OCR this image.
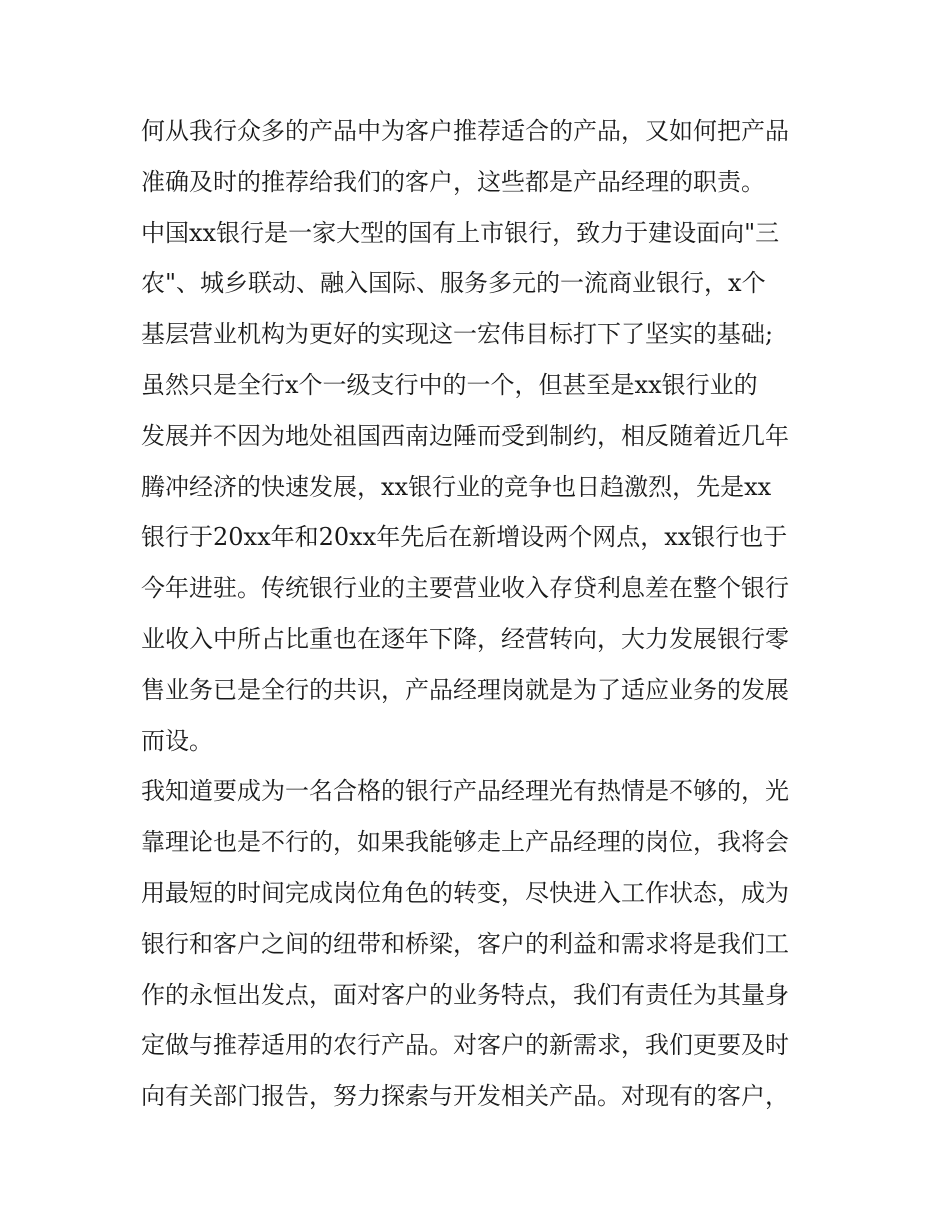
何从我行众多的产品中为客户推荐适合的产品，又如何把产品
准确及时的推荐给我们的客户，这些都是产品经理的职责。
中国xx银行是一家大型的国有上市银行，致力于建设面向"三
农"、城乡联动、融入国际、服务多元的一流商业银行，x个
基层营业机构为更好的实现这一宏伟目标打下了坚实的基础;
虽然只是全行x个一级支行中的一个，但甚至是xx银行业的
发展并不因为地处祖国西南边陲而受到制约，相反随着近几年
腾冲经济的快速发展，xx银行业的竞争也日趋激烈，先是xx
银行于20xx年和20xx年先后在新增设两个网点，xx银行也于
今年进驻。传统银行业的主要营业收入存贷利息差在整个银行
业收入中所占比重也在逐年下降，经营转向，大力发展银行零
售业务已是全行的共识，产品经理岗就是为了适应业务的发展
而设。
我知道要成为一名合格的银行产品经理光有热情是不够的，光
靠理论也是不行的，如果我能够走上产品经理的岗位，我将会
用最短的时间完成岗位角色的转变，尽快进入工作状态，成为
银行和客户之间的纽带和桥梁，客户的利益和需求将是我们工
作的永恒出发点，面对客户的业务特点，我们有责任为其量身
定做与推荐适用的农行产品。对客户的新需求，我们更要及时
向有关部门报告，努力探索与开发相关产品。对现有的客户，
